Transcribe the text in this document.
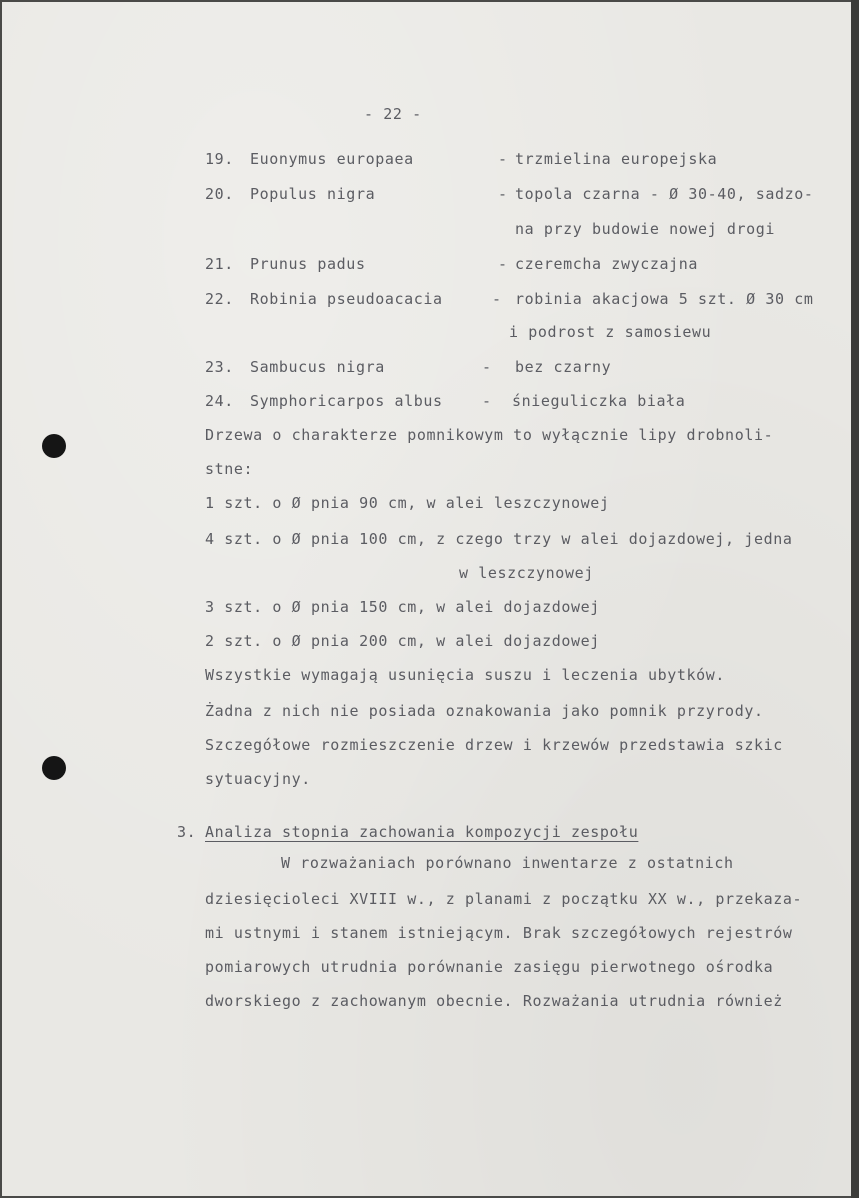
- 22 -
19. Euonymus europaea	- trzmielina europejska
20. Populus nigra	- topola czarna - Ø 30-40, sadzo-
na przy budowie nowej drogi
21. Prunus padus	- czeremcha zwyczajna
22. Robinia pseudoacacia	- robinia akacjowa 5 szt. Ø 30 cm
i podrost z samosiewu
23. Sambucus nigra	- bez czarny
24. Symphoricarpos albus	- śnieguliczka biała
Drzewa o charakterze pomnikowym to wyłącznie lipy drobnoli-
stne:
1 szt. o Ø pnia 90 cm, w alei leszczynowej
4 szt. o Ø pnia 100 cm, z czego trzy w alei dojazdowej, jedna
w leszczynowej
3 szt. o Ø pnia 150 cm, w alei dojazdowej
2 szt. o Ø pnia 200 cm, w alei dojazdowej
Wszystkie wymagają usunięcia suszu i leczenia ubytków.
Żadna z nich nie posiada oznakowania jako pomnik przyrody.
Szczegółowe rozmieszczenie drzew i krzewów przedstawia szkic
sytuacyjny.
3. Analiza stopnia zachowania kompozycji zespołu
W rozważaniach porównano inwentarze z ostatnich
dziesięcioleci XVIII w., z planami z początku XX w., przekaza-
mi ustnymi i stanem istniejącym. Brak szczegółowych rejestrów
pomiarowych utrudnia porównanie zasięgu pierwotnego ośrodka
dworskiego z zachowanym obecnie. Rozważania utrudnia również
